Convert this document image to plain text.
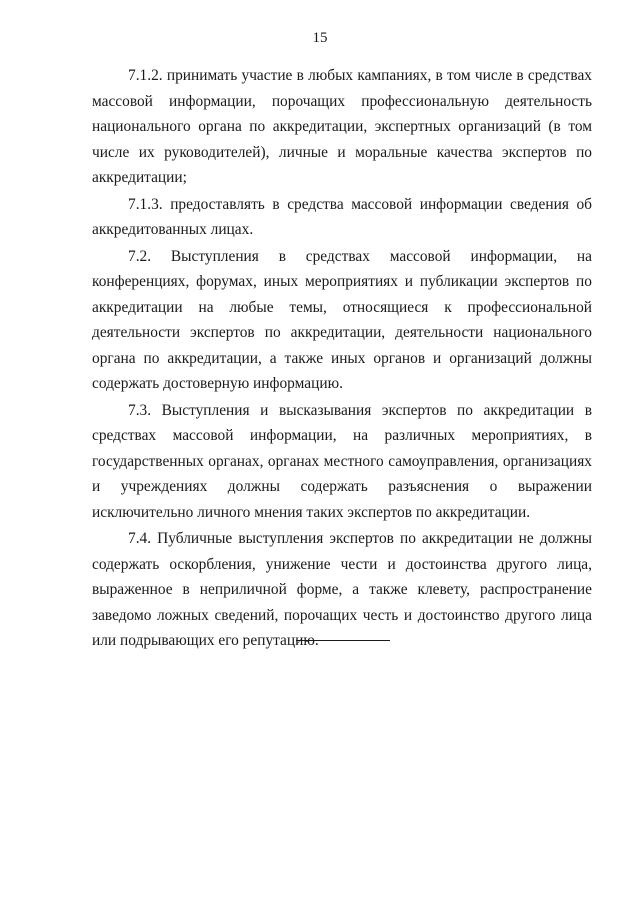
15

7.1.2. принимать участие в любых кампаниях, в том числе в средствах массовой информации, порочащих профессиональную деятельность национального органа по аккредитации, экспертных организаций (в том числе их руководителей), личные и моральные качества экспертов по аккредитации;

7.1.3. предоставлять в средства массовой информации сведения об аккредитованных лицах.

7.2. Выступления в средствах массовой информации, на конференциях, форумах, иных мероприятиях и публикации экспертов по аккредитации на любые темы, относящиеся к профессиональной деятельности экспертов по аккредитации, деятельности национального органа по аккредитации, а также иных органов и организаций должны содержать достоверную информацию.

7.3. Выступления и высказывания экспертов по аккредитации в средствах массовой информации, на различных мероприятиях, в государственных органах, органах местного самоуправления, организациях и учреждениях должны содержать разъяснения о выражении исключительно личного мнения таких экспертов по аккредитации.

7.4. Публичные выступления экспертов по аккредитации не должны содержать оскорбления, унижение чести и достоинства другого лица, выраженное в неприличной форме, а также клевету, распространение заведомо ложных сведений, порочащих честь и достоинство другого лица или подрывающих его репутацию.
